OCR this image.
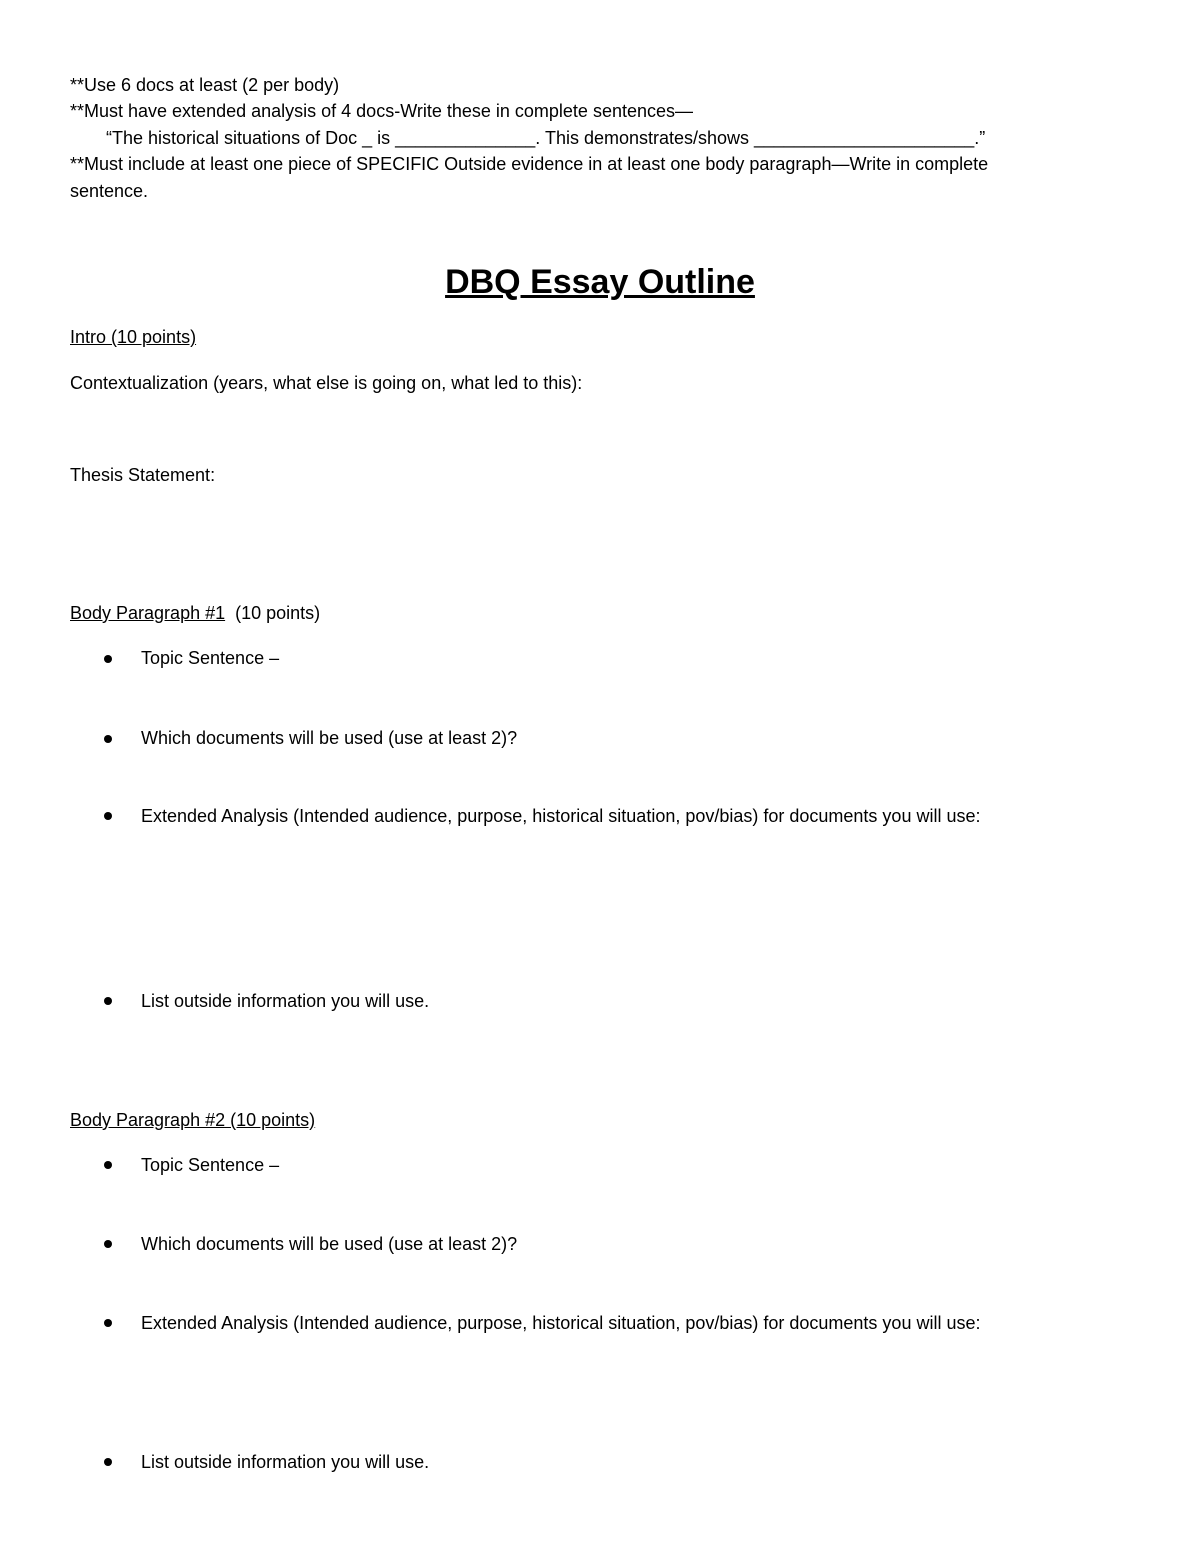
**Use 6 docs at least (2 per body)
**Must have extended analysis of 4 docs-Write these in complete sentences—
“The historical situations of Doc _ is ______________. This demonstrates/shows ______________________.”
**Must include at least one piece of SPECIFIC Outside evidence in at least one body paragraph—Write in complete
sentence.
DBQ Essay Outline
Intro (10 points)
Contextualization (years, what else is going on, what led to this):
Thesis Statement:
Body Paragraph #1 (10 points)
Topic Sentence –
Which documents will be used (use at least 2)?
Extended Analysis (Intended audience, purpose, historical situation, pov/bias) for documents you will use:
List outside information you will use.
Body Paragraph #2 (10 points)
Topic Sentence –
Which documents will be used (use at least 2)?
Extended Analysis (Intended audience, purpose, historical situation, pov/bias) for documents you will use:
List outside information you will use.
